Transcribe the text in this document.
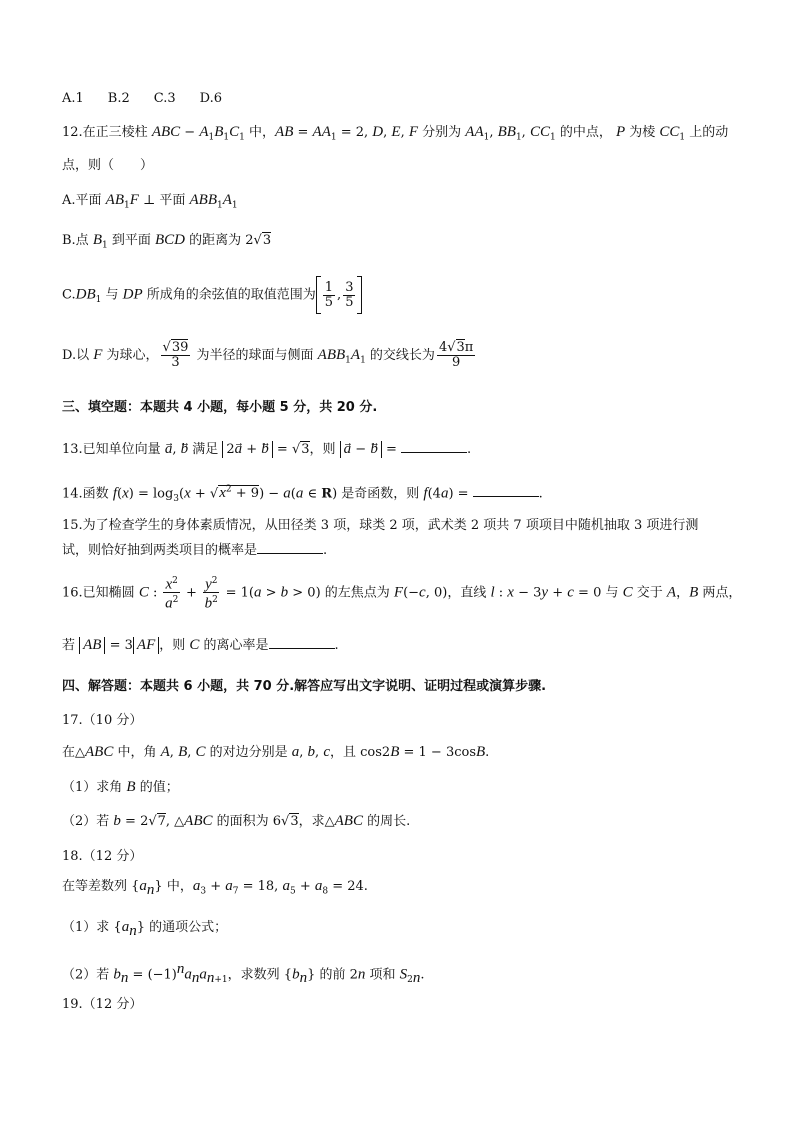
A.1 B.2 C.3 D.6
12.在正三棱柱 ABC − $A_1B_1C_1$ 中，AB = $AA_1 = 2$, D, E, F 分别为 $AA_1$, $BB_1$, $CC_1$ 的中点， P 为棱 $CC_1$ 上的动
点，则（　　）
A.平面 $AB_1F$ ⊥ 平面 $ABB_1A_1$
B.点 $B_1$ 到平面 BCD 的距离为 2√3
$C.DB_1$ 与 DP 所成角的余弦值的取值范围为 $\frac{1}{5}$ , $\frac{3}{5}$
D.以 F 为球心， $\frac{√39}{3}$ 为半径的球面与侧面 $ABB_1A_1$ 的交线长为 $\frac{4√3\pi}{9}$
三、填空题：本题共 4 小题，每小题 5 分，共 20 分.
13.已知单位向量 a⃗, b 满足 2a⃗ + b = √3，则 a⃗ − b =	.
14.函数 $f(x) = \log_3(x + √x^2 + 9) - a(a$ ∈ R) 是奇函数，则 f(4a) =	.
15.为了检查学生的身体素质情况，从田径类 3 项，球类 2 项，武术类 2 项共 7 项项目中随机抽取 3 项进行测
试，则恰好抽到两类项目的概率是	.
16.已知椭圆 C : $\frac{x^2}{a^2} + \frac{y^2}{b^2} = 1(a > b > 0)$ 的左焦点为 F(−c, 0)，直线 l : x − 3y + c = 0 与 C 交于 A，B 两点，
若 AB = 3 AF ，则 C 的离心率是	.
四、解答题：本题共 6 小题，共 70 分.解答应写出文字说明、证明过程或演算步骤.
17.（10 分）
在△ABC 中，角 A, B, C 的对边分别是 a, b, c，且 cos2B = 1 − 3cosB.
（1）求角 B 的值；
（2）若 b = 2√7, △ABC 的面积为 6√3，求△ABC 的周长.
18.（12 分）
在等差数列 $\{a_n\}$ 中，$a_3 + a_7 = 18$, $a_5 + a_8 = 24$.
（1）求 $\{a_n\}$ 的通项公式；
（2）若 $b_n = (-1)^na_na_{n+1}$，求数列 $\{b_n\}$ 的前 2n 项和 $S_{2n}$.
19.（12 分）
